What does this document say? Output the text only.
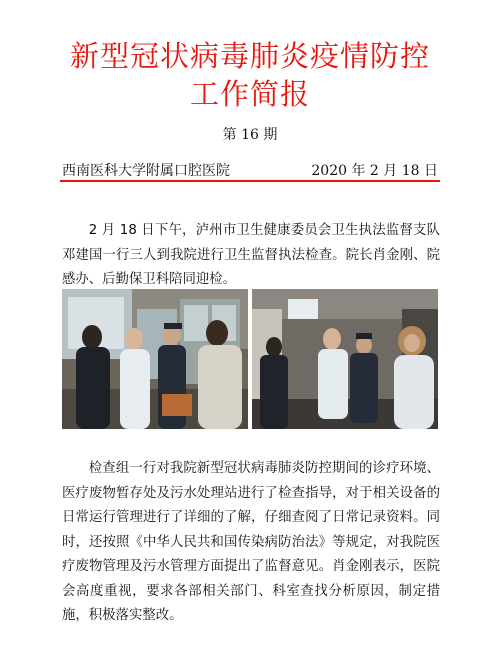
新型冠状病毒肺炎疫情防控
工作简报
第 16 期
西南医科大学附属口腔医院	2020 年 2 月 18 日

2 月 18 日下午，泸州市卫生健康委员会卫生执法监督支队邓建国一行三人到我院进行卫生监督执法检查。院长肖金刚、院感办、后勤保卫科陪同迎检。

检查组一行对我院新型冠状病毒肺炎防控期间的诊疗环境、医疗废物暂存处及污水处理站进行了检查指导，对于相关设备的日常运行管理进行了详细的了解，仔细查阅了日常记录资料。同时，还按照《中华人民共和国传染病防治法》等规定，对我院医疗废物管理及污水管理方面提出了监督意见。肖金刚表示，医院会高度重视，要求各部相关部门、科室查找分析原因，制定措施，积极落实整改。
